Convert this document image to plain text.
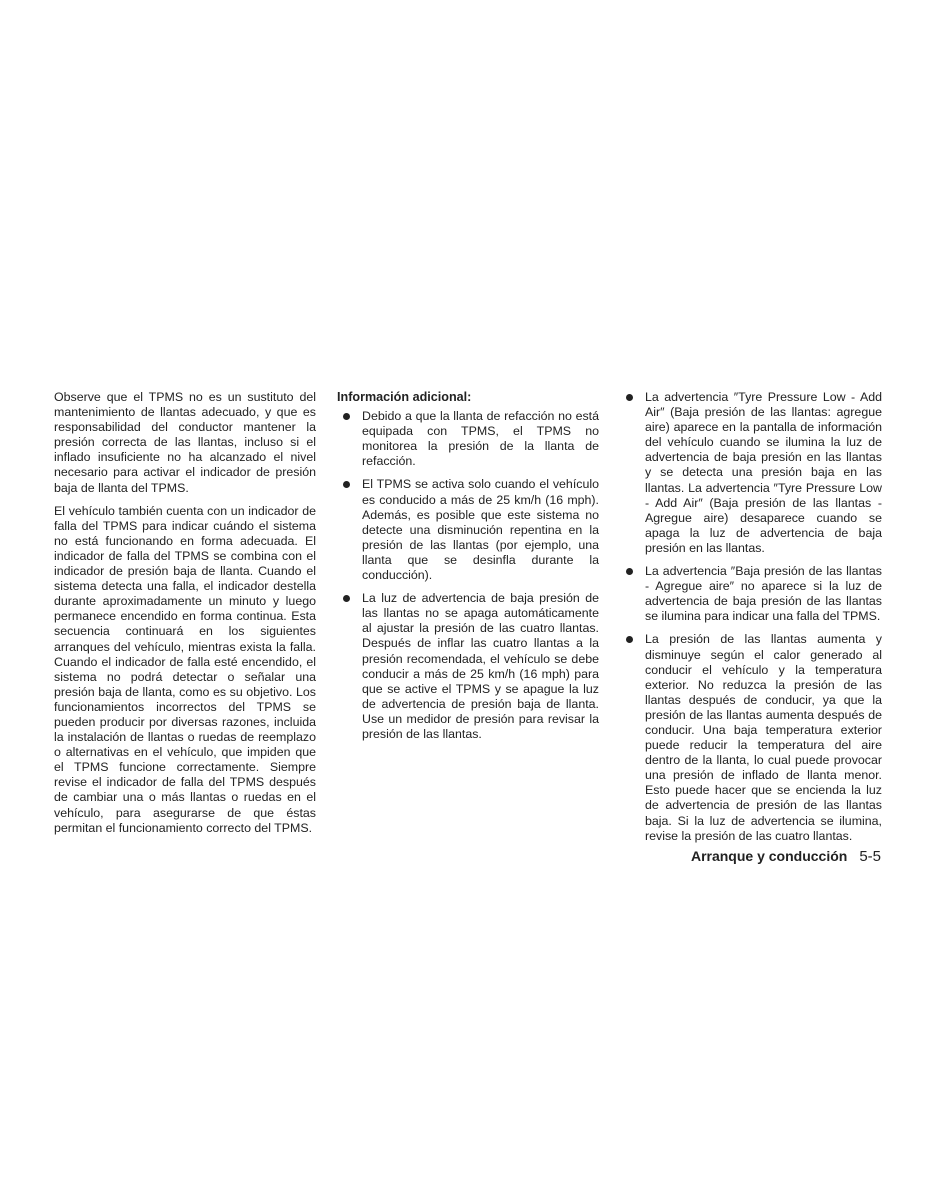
Observe que el TPMS no es un sustituto del mantenimiento de llantas adecuado, y que es responsabilidad del conductor mantener la presión correcta de las llantas, incluso si el inflado insuficiente no ha alcanzado el nivel necesario para activar el indicador de presión baja de llanta del TPMS.

El vehículo también cuenta con un indicador de falla del TPMS para indicar cuándo el sistema no está funcionando en forma adecuada. El indicador de falla del TPMS se combina con el indicador de presión baja de llanta. Cuando el sistema detecta una falla, el indicador destella durante aproximadamente un minuto y luego permanece encendido en forma continua. Esta secuencia continuará en los siguientes arranques del vehículo, mientras exista la falla. Cuando el indicador de falla esté encendido, el sistema no podrá detectar o señalar una presión baja de llanta, como es su objetivo. Los funcionamientos incorrectos del TPMS se pueden producir por diversas razones, incluida la instalación de llantas o ruedas de reemplazo o alternativas en el vehículo, que impiden que el TPMS funcione correctamente. Siempre revise el indicador de falla del TPMS después de cambiar una o más llantas o ruedas en el vehículo, para asegurarse de que éstas permitan el funcionamiento correcto del TPMS.

Información adicional:
Debido a que la llanta de refacción no está equipada con TPMS, el TPMS no monitorea la presión de la llanta de refacción.
El TPMS se activa solo cuando el vehículo es conducido a más de 25 km/h (16 mph). Además, es posible que este sistema no detecte una disminución repentina en la presión de las llantas (por ejemplo, una llanta que se desinfla durante la conducción).
La luz de advertencia de baja presión de las llantas no se apaga automáticamente al ajustar la presión de las cuatro llantas. Después de inflar las cuatro llantas a la presión recomendada, el vehículo se debe conducir a más de 25 km/h (16 mph) para que se active el TPMS y se apague la luz de advertencia de presión baja de llanta. Use un medidor de presión para revisar la presión de las llantas.
La advertencia ″Tyre Pressure Low - Add Air″ (Baja presión de las llantas: agregue aire) aparece en la pantalla de información del vehículo cuando se ilumina la luz de advertencia de baja presión en las llantas y se detecta una presión baja en las llantas. La advertencia ″Tyre Pressure Low - Add Air″ (Baja presión de las llantas - Agregue aire) desaparece cuando se apaga la luz de advertencia de baja presión en las llantas.
La advertencia ″Baja presión de las llantas - Agregue aire″ no aparece si la luz de advertencia de baja presión de las llantas se ilumina para indicar una falla del TPMS.
La presión de las llantas aumenta y disminuye según el calor generado al conducir el vehículo y la temperatura exterior. No reduzca la presión de las llantas después de conducir, ya que la presión de las llantas aumenta después de conducir. Una baja temperatura exterior puede reducir la temperatura del aire dentro de la llanta, lo cual puede provocar una presión de inflado de llanta menor. Esto puede hacer que se encienda la luz de advertencia de presión de las llantas baja. Si la luz de advertencia se ilumina, revise la presión de las cuatro llantas.
Arranque y conducción 5-5
